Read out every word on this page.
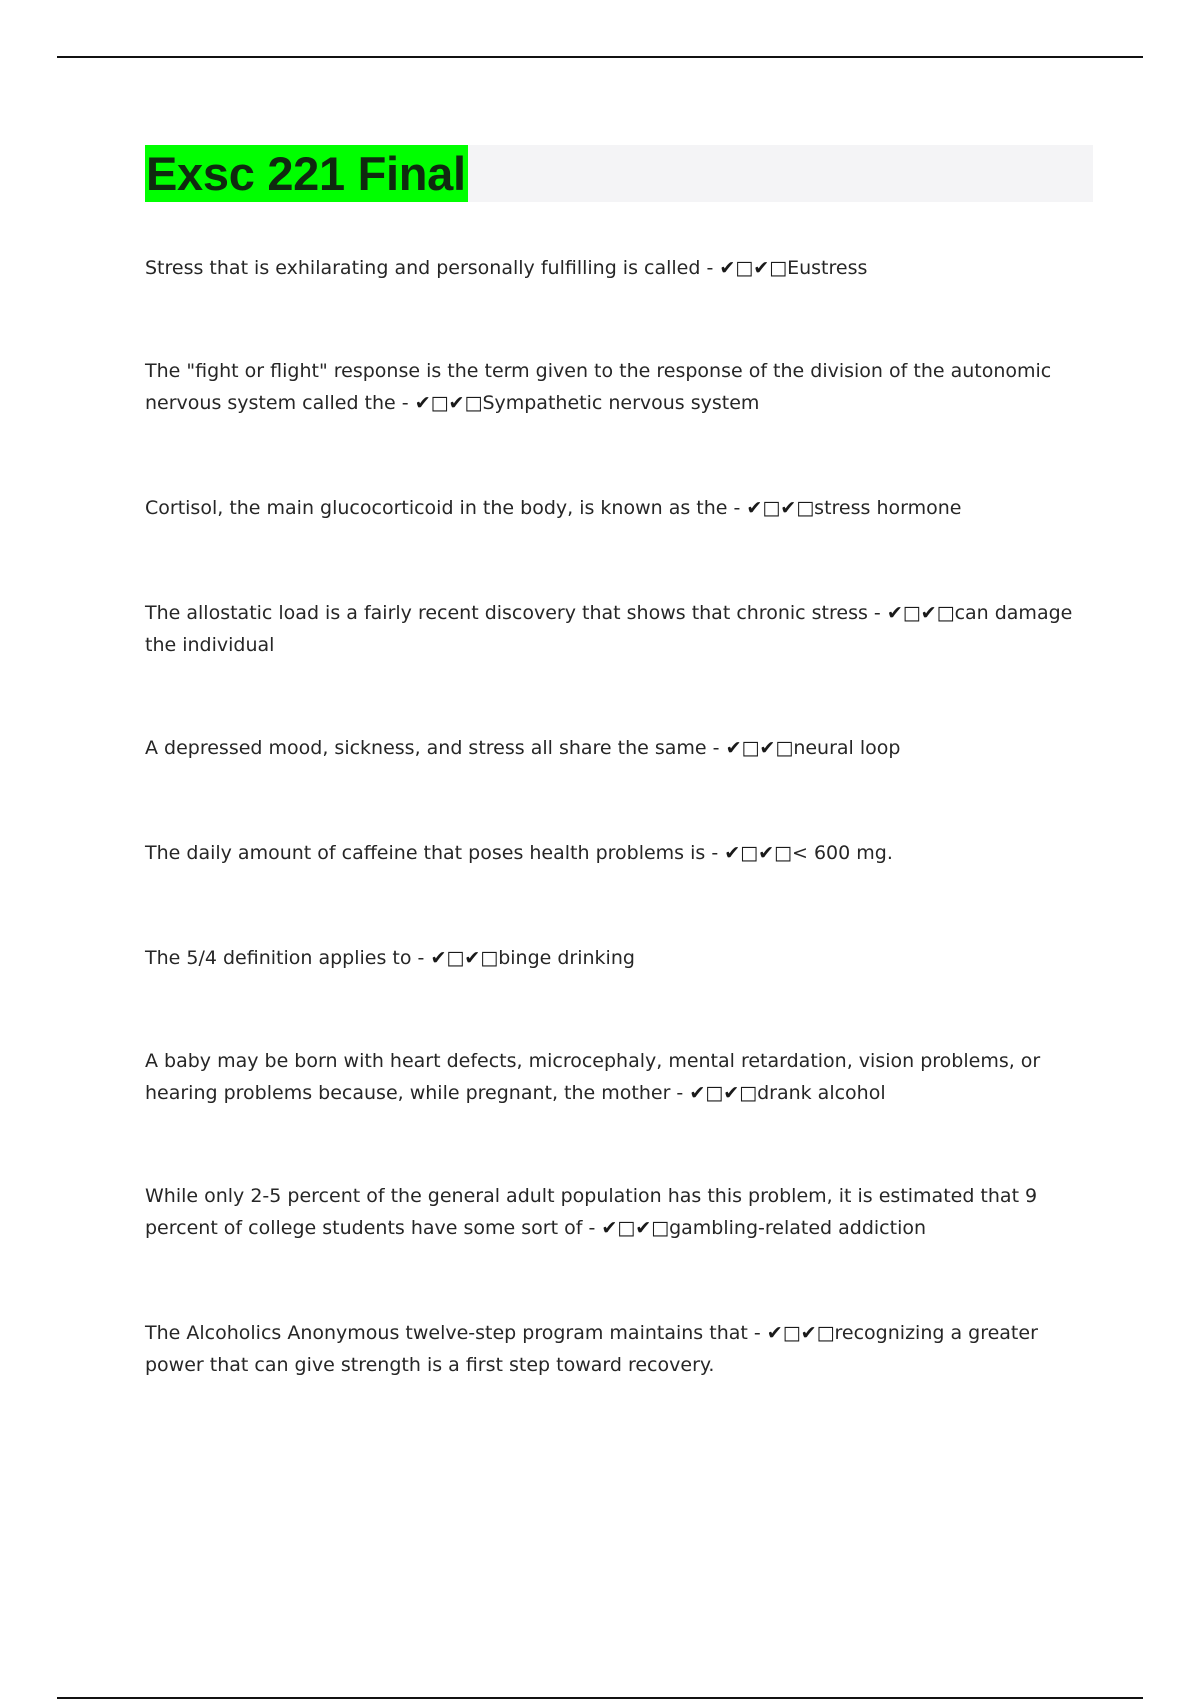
Exsc 221 Final

Stress that is exhilarating and personally fulfilling is called - ✔□✔□Eustress

The "fight or flight" response is the term given to the response of the division of the autonomic nervous system called the - ✔□✔□Sympathetic nervous system

Cortisol, the main glucocorticoid in the body, is known as the - ✔□✔□stress hormone

The allostatic load is a fairly recent discovery that shows that chronic stress - ✔□✔□can damage the individual

A depressed mood, sickness, and stress all share the same - ✔□✔□neural loop

The daily amount of caffeine that poses health problems is - ✔□✔□< 600 mg.

The 5/4 definition applies to - ✔□✔□binge drinking

A baby may be born with heart defects, microcephaly, mental retardation, vision problems, or hearing problems because, while pregnant, the mother - ✔□✔□drank alcohol

While only 2-5 percent of the general adult population has this problem, it is estimated that 9 percent of college students have some sort of - ✔□✔□gambling-related addiction

The Alcoholics Anonymous twelve-step program maintains that - ✔□✔□recognizing a greater power that can give strength is a first step toward recovery.
